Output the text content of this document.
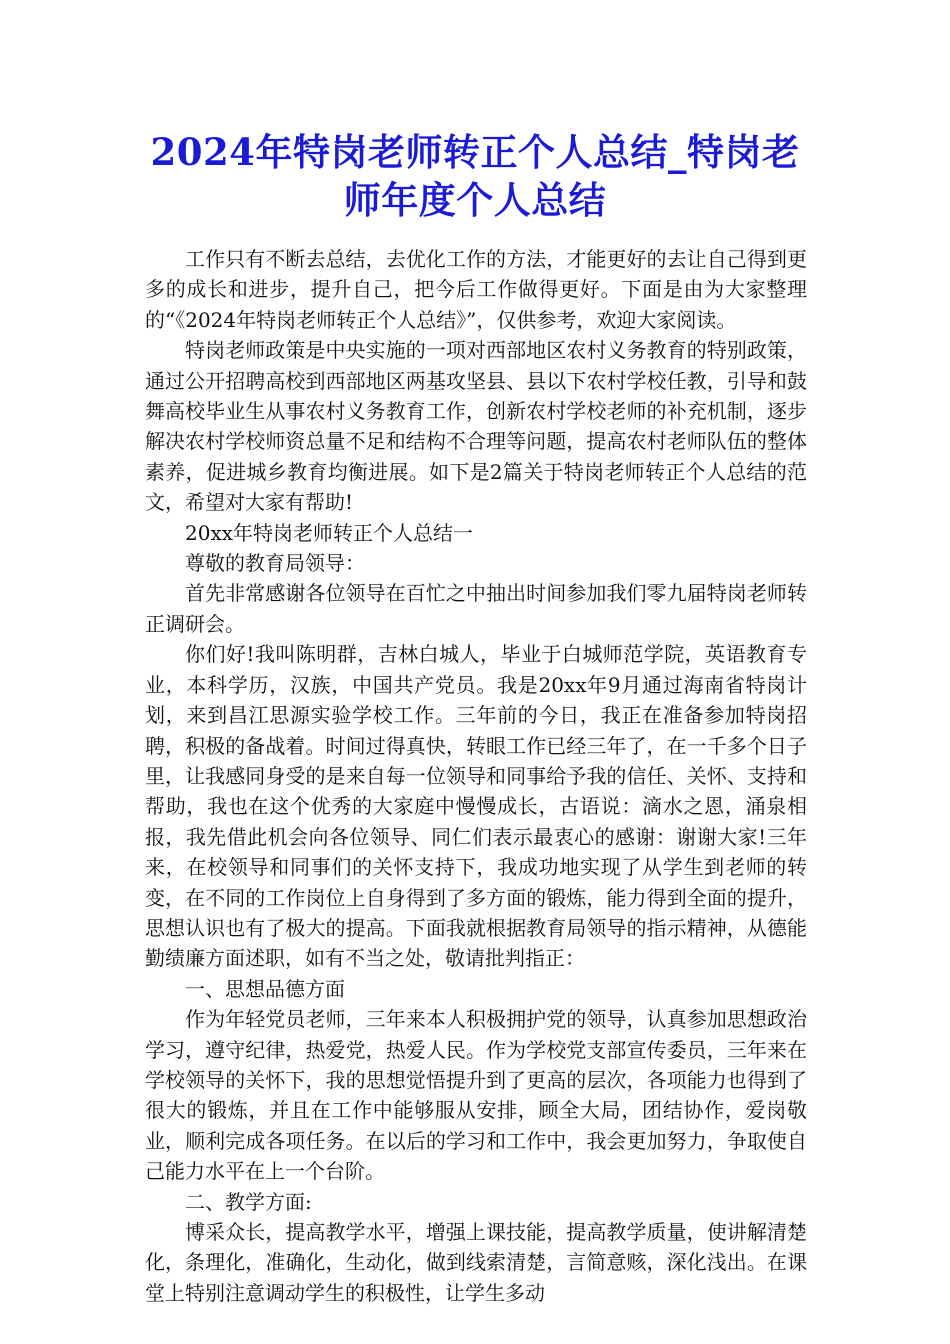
2024年特岗老师转正个人总结_特岗老师年度个人总结

工作只有不断去总结，去优化工作的方法，才能更好的去让自己得到更多的成长和进步，提升自己，把今后工作做得更好。下面是由为大家整理的“《2024年特岗老师转正个人总结》”，仅供参考，欢迎大家阅读。

特岗老师政策是中央实施的一项对西部地区农村义务教育的特别政策，通过公开招聘高校到西部地区两基攻坚县、县以下农村学校任教，引导和鼓舞高校毕业生从事农村义务教育工作，创新农村学校老师的补充机制，逐步解决农村学校师资总量不足和结构不合理等问题，提高农村老师队伍的整体素养，促进城乡教育均衡进展。如下是2篇关于特岗老师转正个人总结的范文，希望对大家有帮助!

20xx年特岗老师转正个人总结一

尊敬的教育局领导：

首先非常感谢各位领导在百忙之中抽出时间参加我们零九届特岗老师转正调研会。

你们好!我叫陈明群，吉林白城人，毕业于白城师范学院，英语教育专业，本科学历，汉族，中国共产党员。我是20xx年9月通过海南省特岗计划，来到昌江思源实验学校工作。三年前的今日，我正在准备参加特岗招聘，积极的备战着。时间过得真快，转眼工作已经三年了，在一千多个日子里，让我感同身受的是来自每一位领导和同事给予我的信任、关怀、支持和帮助，我也在这个优秀的大家庭中慢慢成长，古语说：滴水之恩，涌泉相报，我先借此机会向各位领导、同仁们表示最衷心的感谢：谢谢大家!三年来，在校领导和同事们的关怀支持下，我成功地实现了从学生到老师的转变，在不同的工作岗位上自身得到了多方面的锻炼，能力得到全面的提升，思想认识也有了极大的提高。下面我就根据教育局领导的指示精神，从德能勤绩廉方面述职，如有不当之处，敬请批判指正：

一、思想品德方面

作为年轻党员老师，三年来本人积极拥护党的领导，认真参加思想政治学习，遵守纪律，热爱党，热爱人民。作为学校党支部宣传委员，三年来在学校领导的关怀下，我的思想觉悟提升到了更高的层次，各项能力也得到了很大的锻炼，并且在工作中能够服从安排，顾全大局，团结协作，爱岗敬业，顺利完成各项任务。在以后的学习和工作中，我会更加努力，争取使自己能力水平在上一个台阶。

二、教学方面:

博采众长，提高教学水平，增强上课技能，提高教学质量，使讲解清楚化，条理化，准确化，生动化，做到线索清楚，言简意赅，深化浅出。在课堂上特别注意调动学生的积极性，让学生多动
